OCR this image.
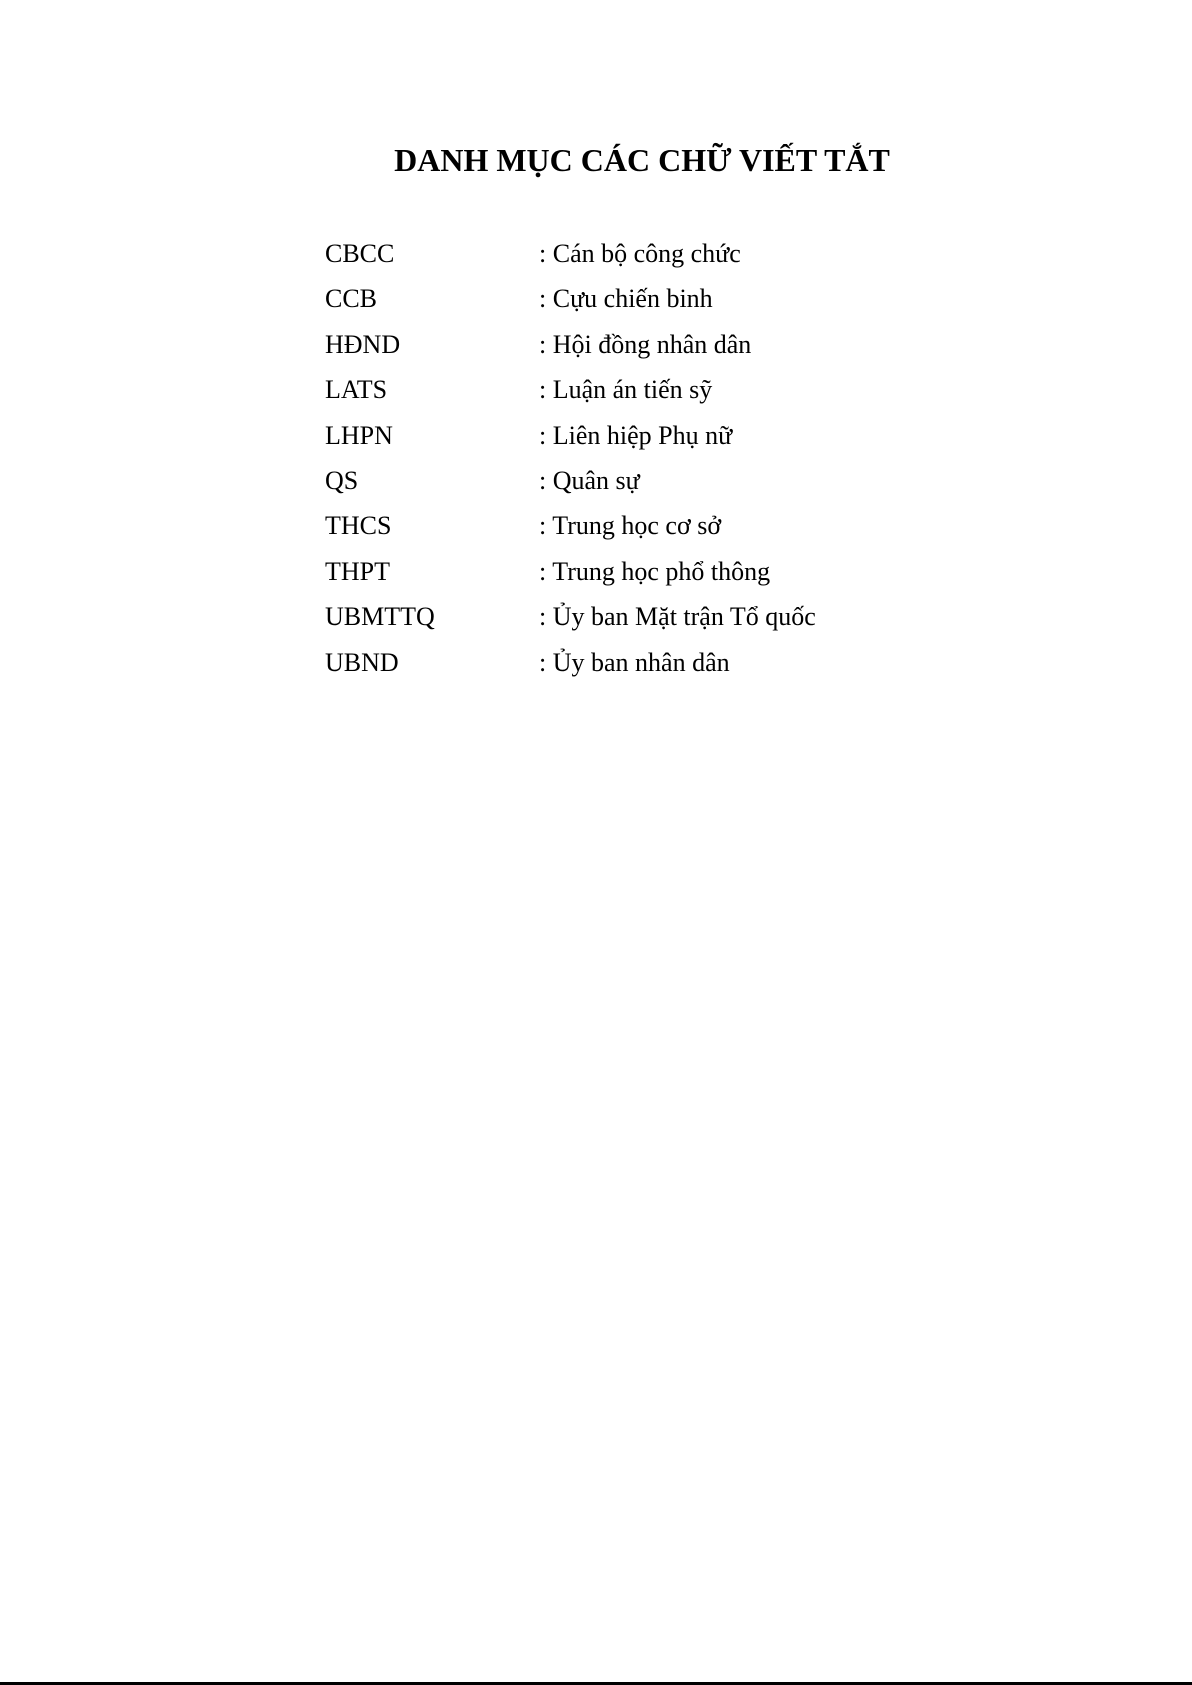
DANH MỤC CÁC CHỮ VIẾT TẮT
CBCC	: Cán bộ công chức
CCB	: Cựu chiến binh
HĐND	: Hội đồng nhân dân
LATS	: Luận án tiến sỹ
LHPN	: Liên hiệp Phụ nữ
QS	: Quân sự
THCS	: Trung học cơ sở
THPT	: Trung học phổ thông
UBMTTQ	: Ủy ban Mặt trận Tổ quốc
UBND	: Ủy ban nhân dân
